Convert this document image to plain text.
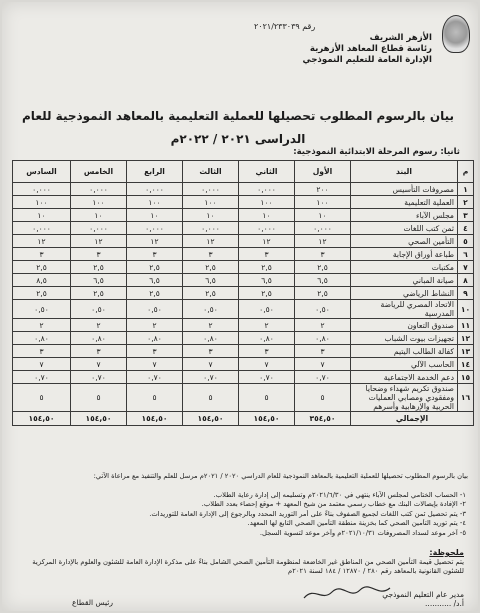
رقم ٢٠٢١/٢٣٣٠٣٩
الأزهر الشريف
رئاسة قطاع المعاهد الأزهرية
الإدارة العامة للتعليم النموذجي
بيان بالرسوم المطلوب تحصيلها للعملية التعليمية بالمعاهد النموذجية للعام
الدراسى ٢٠٢١ / ٢٠٢٢م
ثانيا: رسوم المرحلة الابتدائية النموذجية:
م	البند	الأول	الثاني	الثالث	الرابع	الخامس	السادس
١	مصروفات التأسيس	٢٠٠	٠,٠٠٠	٠,٠٠٠	٠,٠٠٠	٠,٠٠٠	٠,٠٠٠
٢	العملية التعليمية	١٠٠	١٠٠	١٠٠	١٠٠	١٠٠	١٠٠
٣	مجلس الآباء	١٠	١٠	١٠	١٠	١٠	١٠
٤	ثمن كتب اللغات	٠,٠٠٠	٠,٠٠٠	٠,٠٠٠	٠,٠٠٠	٠,٠٠٠	٠,٠٠٠
٥	التأمين الصحي	١٢	١٢	١٢	١٢	١٢	١٢
٦	طباعة أوراق الإجابة	٣	٣	٣	٣	٣	٣
٧	مكتبات	٢,٥	٢,٥	٢,٥	٢,٥	٢,٥	٢,٥
٨	صيانة المباني	٦,٥	٦,٥	٦,٥	٦,٥	٦,٥	٨,٥
٩	النشاط الرياضي	٢,٥	٢,٥	٢,٥	٢,٥	٢,٥	٢,٥
١٠	الاتحاد المصري للرياضة المدرسية	٠,٥٠	٠,٥٠	٠,٥٠	٠,٥٠	٠,٥٠	٠,٥٠
١١	صندوق التعاون	٢	٢	٢	٢	٢	٢
١٢	تجهيزات بيوت الشباب	٠,٨٠	٠,٨٠	٠,٨٠	٠,٨٠	٠,٨٠	٠,٨٠
١٣	كفالة الطالب اليتيم	٣	٣	٣	٣	٣	٣
١٤	الحاسب الآلي	٧	٧	٧	٧	٧	٧
١٥	دعم الخدمة الاجتماعية	٠,٧٠	٠,٧٠	٠,٧٠	٠,٧٠	٠,٧٠	٠,٧٠
١٦	صندوق تكريم شهداء وضحايا ومفقودي ومصابي العمليات الحربية والإرهابية وأسرهم	٥	٥	٥	٥	٥	٥
الإجمالي		٣٥٤,٥٠	١٥٤,٥٠	١٥٤,٥٠	١٥٤,٥٠	١٥٤,٥٠	١٥٤,٥٠
بيان بالرسوم المطلوب تحصيلها للعملية التعليمية بالمعاهد النموذجية للعام الدراسي ٢٠٢٠ / ٢٠٢١م مرسل للعلم والتنفيذ مع مراعاة الآتي:
١- الحساب الختامي لمجلس الآباء ينتهي في ٢٠٢١/٦/٣٠م وتسليمه إلى إدارة رعاية الطلاب.
٢- الإفادة بإيصالات البنك مع خطاب رسمي معتمد من شيخ المعهد + موقع إحصاء بعدد الطلاب.
٣- يتم تحصيل ثمن كتب اللغات لجميع الصفوف بناءً على أمر التوريد المحدد وبالرجوع إلى الإدارة العامة للتوريدات.
٤- يتم توريد التأمين الصحي كما بخزينة منطقة التأمين الصحي التابع لها المعهد.
٥- آخر موعد لسداد المصروفات ٢٠٢١/١٠/٣١م وآخر موعد لتسوية السجل.
ملحوظة:
يتم تحصيل قيمة التأمين الصحي من المناطق غير الخاضعة لمنظومة التأمين الصحي الشامل بناءً على مذكرة الإدارة العامة للشئون والعلوم بالإدارة المركزية للشئون القانونية بالمعاهد رقم ٢٨٠ / ١٢٨٧٠ / ١٨٤ لسنة ٢٠٢١م
مدير عام التعليم النموذجي
أ.د/ ...........
رئيس القطاع
